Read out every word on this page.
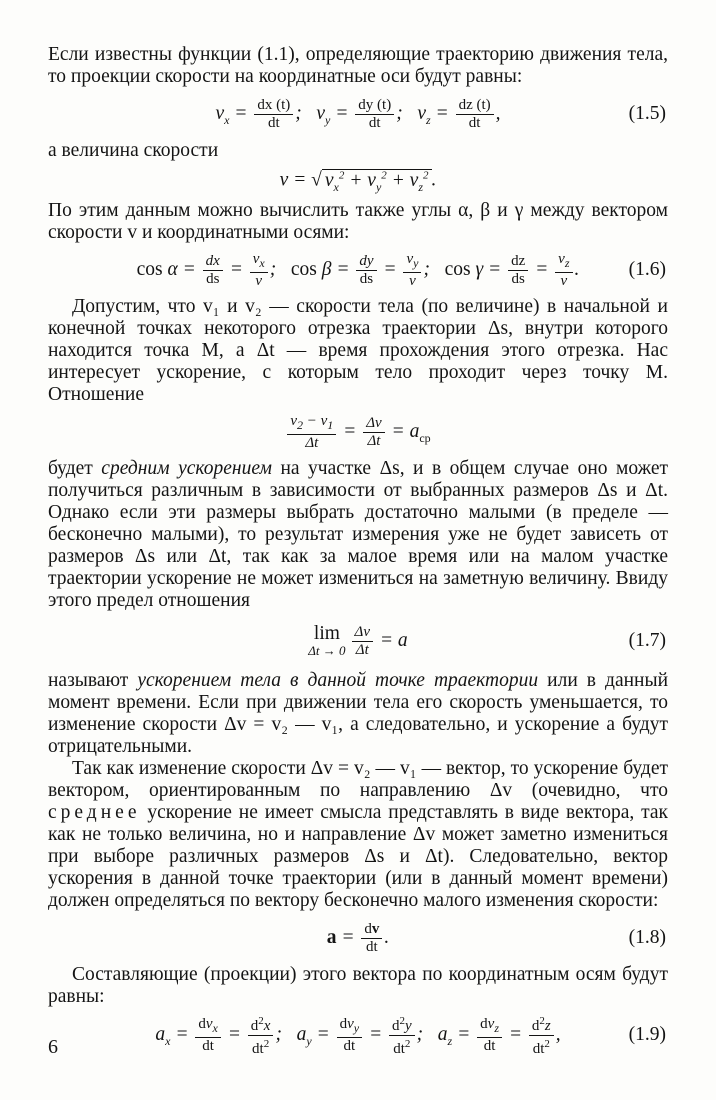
Если известны функции (1.1), определяющие траекторию движения тела, то проекции скорости на координатные оси будут равны:

$v_x = \frac{dx (t)}{dt}$ ;   $v_y = \frac{dy (t)}{dt}$ ;   $v_z = \frac{dz (t)}{dt}$ ,	(1.5)

а величина скорости

v = √ $v_x^2 + v_y^2 + v_z^2$ .

По этим данным можно вычислить также углы α, β и γ между вектором скорости v и координатными осями:

$\cos \alpha = \frac{dx}{ds} = \frac{v_x}{v}$ ;   $\cos \beta = \frac{dy}{ds} = \frac{v_y}{v}$ ;   $\cos \gamma = \frac{dz}{ds} = \frac{v_z}{v}$ .	(1.6)

Допустим, что v₁ и v₂ — скорости тела (по величине) в начальной и конечной точках некоторого отрезка траектории Δs, внутри которого находится точка M, а Δt — время прохождения этого отрезка. Нас интересует ускорение, с которым тело проходит через точку M. Отношение

$\frac{v_2 - v_1}{\Delta t} = \frac{\Delta v}{\Delta t} = a_{cp}$

будет средним ускорением на участке Δs, и в общем случае оно может получиться различным в зависимости от выбранных размеров Δs и Δt. Однако если эти размеры выбрать достаточно малыми (в пределе — бесконечно малыми), то результат измерения уже не будет зависеть от размеров Δs или Δt, так как за малое время или на малом участке траектории ускорение не может измениться на заметную величину. Ввиду этого предел отношения

lim
$\Delta t \to 0 \frac{\Delta v}{\Delta t} = a$	(1.7)

называют ускорением тела в данной точке траектории или в данный момент времени. Если при движении тела его скорость уменьшается, то изменение скорости Δv = v₂ — v₁, а следовательно, и ускорение a будут отрицательными.

Так как изменение скорости Δv = v₂ — v₁ — вектор, то ускорение будет вектором, ориентированным по направлению Δv (очевидно, что среднее ускорение не имеет смысла представлять в виде вектора, так как не только величина, но и направление Δv может заметно измениться при выборе различных размеров Δs и Δt). Следовательно, вектор ускорения в данной точке траектории (или в данный момент времени) должен определяться по вектору бесконечно малого изменения скорости:

$a = \frac{dv}{dt}$ .	(1.8)

Составляющие (проекции) этого вектора по координатным осям будут равны:

$a_x = \frac{dv_x}{dt} = \frac{d^2x}{dt^2}$ ;   $a_y = \frac{dv_y}{dt} = \frac{d^2y}{dt^2}$ ;   $a_z = \frac{dv_z}{dt} = \frac{d^2z}{dt^2}$ ,	(1.9)
6
